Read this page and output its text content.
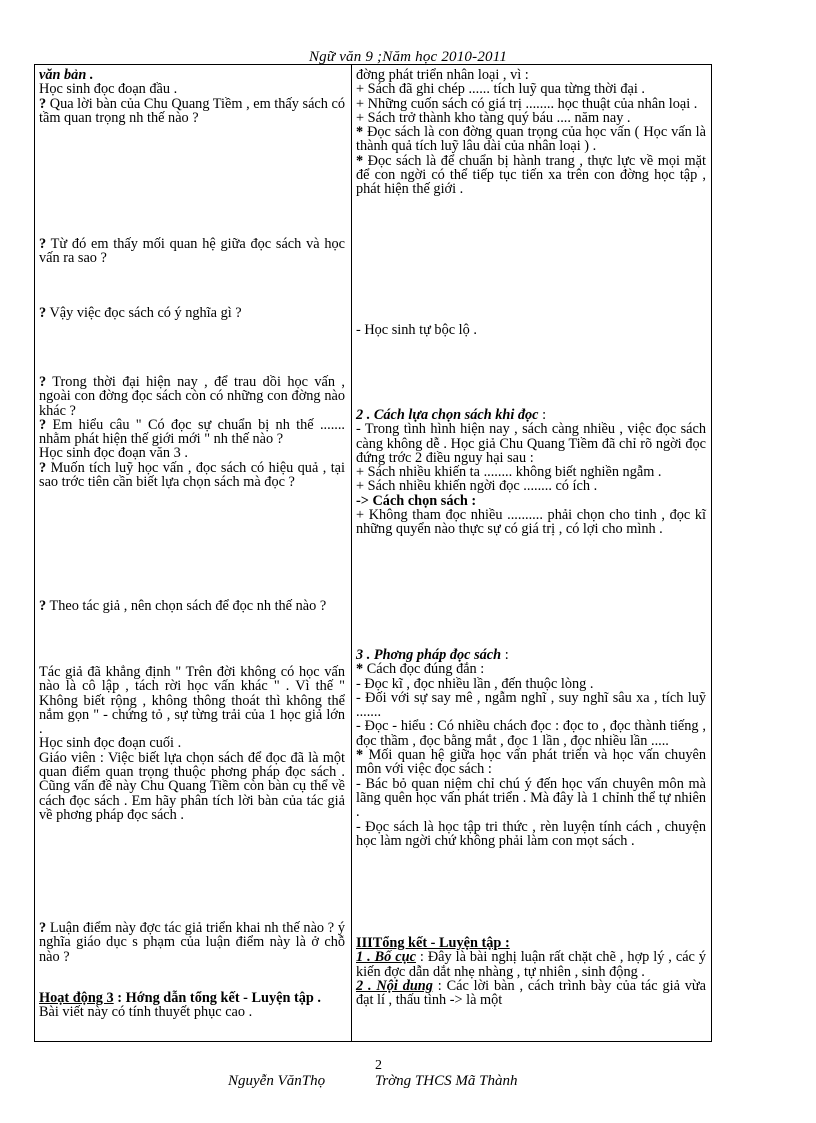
Ngữ văn 9 ;Năm học 2010-2011

văn bản .

Học sinh đọc đoạn đầu .

? Qua lời bàn của Chu Quang Tiềm , em thấy sách có tầm quan trọng nh thế nào ?

? Từ đó em thấy mối quan hệ giữa đọc sách và học vấn ra sao ?

? Vậy việc đọc sách có ý nghĩa gì ?

? Trong thời đại hiện nay , để trau dồi học vấn , ngoài con đờng đọc sách còn có những con đờng nào khác ?

? Em hiểu câu " Có đọc sự chuẩn bị nh thế ....... nhằm phát hiện thế giới mới " nh thế nào ?

Học sinh đọc đoạn văn 3 .

? Muốn tích luỹ học vấn , đọc sách có hiệu quả , tại sao trớc tiên cần biết lựa chọn sách mà đọc ?

? Theo tác giả , nên chọn sách để đọc nh thế nào ?

Tác giả đã khẳng định " Trên đời không có học vấn nào là cô lập , tách rời học vấn khác " . Vì thế " Không biết rộng , không thông thoát thì không thể nắm gọn " - chứng tỏ , sự từng trải của 1 học giả lớn .

Học sinh đọc đoạn cuối .

Giáo viên : Việc biết lựa chọn sách để đọc đã là một quan điểm quan trọng thuộc phơng pháp đọc sách . Cũng vấn đề này Chu Quang Tiềm còn bàn cụ thể về cách đọc sách . Em hãy phân tích lời bàn của tác giả về phơng pháp đọc sách .

? Luận điểm này đợc tác giả triển khai nh thế nào ? ý nghĩa giáo dục s phạm của luận điểm này là ở chỗ nào ?

Hoạt động 3 : Hớng dẫn tổng kết - Luyện tập .

Bài viết này có tính thuyết phục cao .

đờng phát triển nhân loại , vì :

+ Sách đã ghi chép ...... tích luỹ qua từng thời đại .

+ Những cuốn sách có giá trị ........ học thuật của nhân loại .

+ Sách trở thành kho tàng quý báu .... năm nay .

* Đọc sách là con đờng quan trọng của học vấn ( Học vấn là thành quả tích luỹ lâu dài của nhân loại ) .

* Đọc sách là để chuẩn bị hành trang , thực lực về mọi mặt để con ngời có thể tiếp tục tiến xa trên con đờng học tập , phát hiện thế giới .

- Học sinh tự bộc lộ .

2 . Cách lựa chọn sách khi đọc :

- Trong tình hình hiện nay , sách càng nhiều , việc đọc sách càng không dễ . Học giả Chu Quang Tiềm đã chỉ rõ ngời đọc đứng trớc 2 điều nguy hại sau :

+ Sách nhiều khiến ta ........ không biết nghiền ngẫm .

+ Sách nhiều khiến ngời đọc ........ có ích .

-> Cách chọn sách :

+ Không tham đọc nhiều .......... phải chọn cho tinh , đọc kĩ những quyển nào thực sự có giá trị , có lợi cho mình .

3 . Phơng pháp đọc sách :

* Cách đọc đúng đắn :

- Đọc kĩ , đọc nhiều lần , đến thuộc lòng .

- Đối với sự say mê , ngẫm nghĩ , suy nghĩ sâu xa , tích luỹ .......

- Đọc - hiểu : Có nhiều chách đọc : đọc to , đọc thành tiếng , đọc thầm , đọc bằng mắt , đọc 1 lần , đọc nhiều lần .....

* Mối quan hệ giữa học vấn phát triển và học vấn chuyên môn với việc đọc sách :

- Bác bỏ quan niệm chỉ chú ý đến học vấn chuyên môn mà lãng quên học vấn phát triển . Mà đây là 1 chỉnh thể tự nhiên .

- Đọc sách là học tập tri thức , rèn luyện tính cách , chuyện học làm ngời chứ không phải làm con mọt sách .

IIITổng kết - Luyện tập :

1 . Bố cục : Đây là bài nghị luận rất chặt chẽ , hợp lý , các ý kiến đợc dẫn dắt nhẹ nhàng , tự nhiên , sinh động .

2 . Nội dung : Các lời bàn , cách trình bày của tác giả vừa đạt lí , thấu tình -> là một

2
Nguyễn VănThọ	Trờng THCS Mã Thành
